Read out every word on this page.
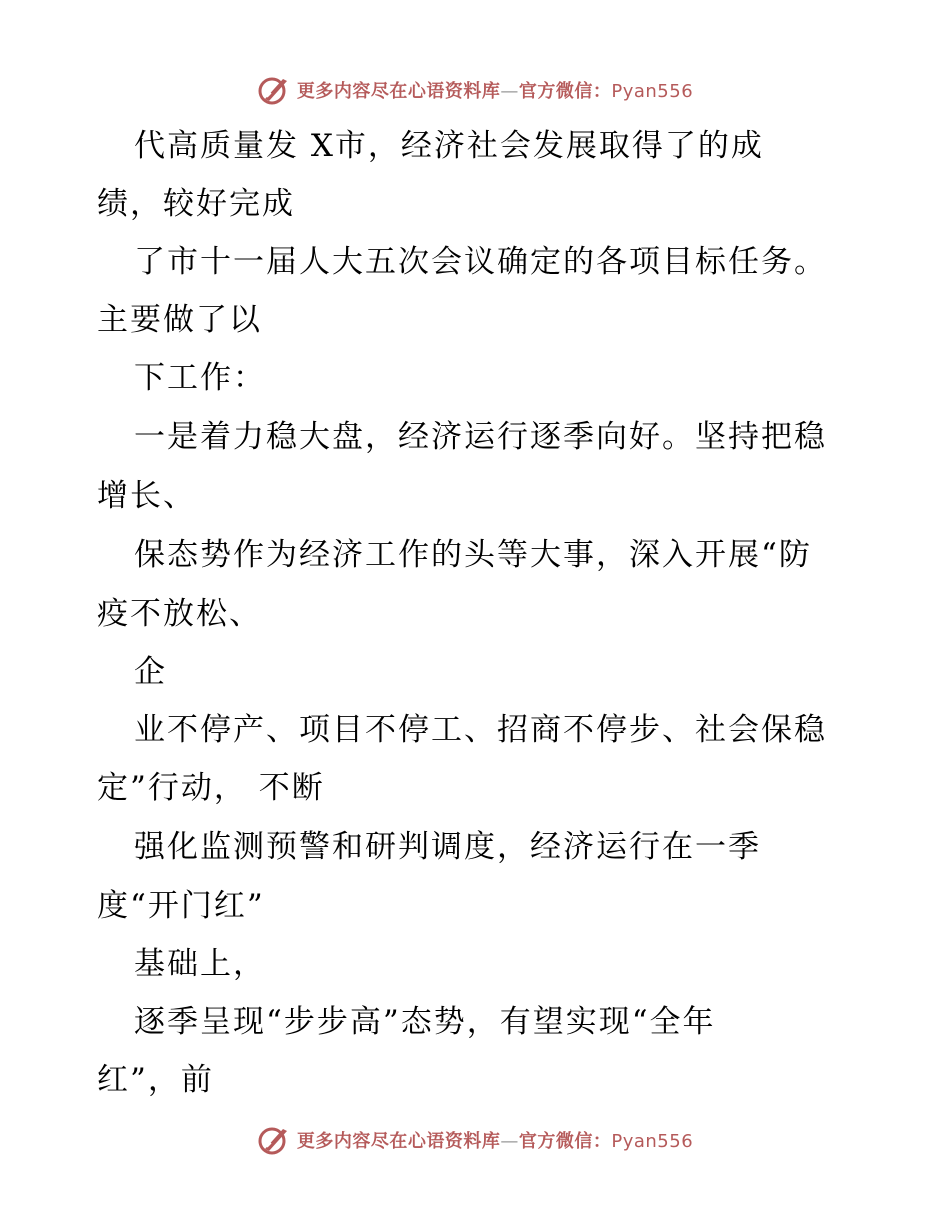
更多内容尽在心语资料库—官方微信：Pyan556
代高质量发 X市，经济社会发展取得了的成
绩，较好完成
了市十一届人大五次会议确定的各项目标任务。
主要做了以
下工作：
一是着力稳大盘，经济运行逐季向好。坚持把稳
增长、
保态势作为经济工作的头等大事，深入开展“防
疫不放松、
企
业不停产、项目不停工、招商不停步、社会保稳
定”行动， 不断
强化监测预警和研判调度，经济运行在一季
度“开门红”
基础上，
逐季呈现“步步高”态势，有望实现“全年
红”，前
更多内容尽在心语资料库—官方微信：Pyan556
